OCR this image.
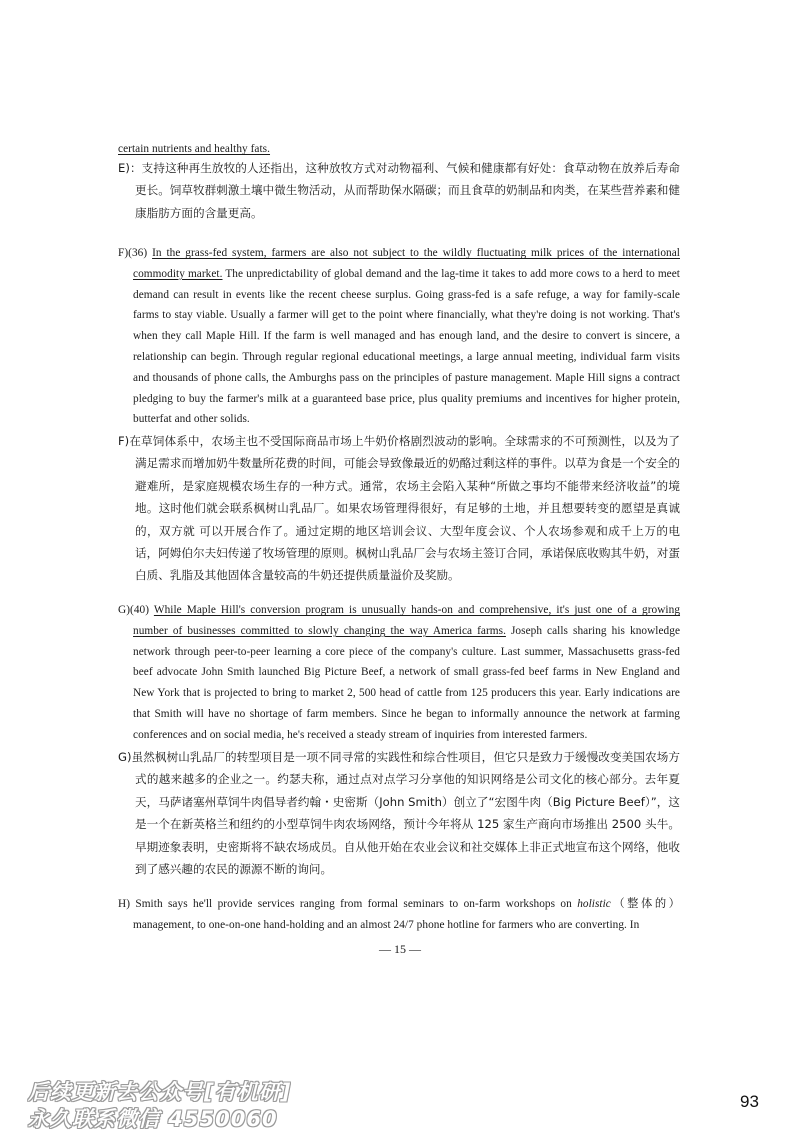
certain nutrients and healthy fats.
E)：支持这种再生放牧的人还指出，这种放牧方式对动物福利、气候和健康都有好处：食草动物在放养后寿命更长。饲草牧群刺激土壤中微生物活动，从而帮助保水隔碳；而且食草的奶制品和肉类，在某些营养素和健康脂肪方面的含量更高。
F)(36) In the grass-fed system, farmers are also not subject to the wildly fluctuating milk prices of the international commodity market. The unpredictability of global demand and the lag-time it takes to add more cows to a herd to meet demand can result in events like the recent cheese surplus. Going grass-fed is a safe refuge, a way for family-scale farms to stay viable. Usually a farmer will get to the point where financially, what they're doing is not working. That's when they call Maple Hill. If the farm is well managed and has enough land, and the desire to convert is sincere, a relationship can begin. Through regular regional educational meetings, a large annual meeting, individual farm visits and thousands of phone calls, the Amburghs pass on the principles of pasture management. Maple Hill signs a contract pledging to buy the farmer's milk at a guaranteed base price, plus quality premiums and incentives for higher protein, butterfat and other solids.
F)在草饲体系中，农场主也不受国际商品市场上牛奶价格剧烈波动的影响。全球需求的不可预测性，以及为了满足需求而增加奶牛数量所花费的时间，可能会导致像最近的奶酪过剩这样的事件。以草为食是一个安全的避难所，是家庭规模农场生存的一种方式。通常，农场主会陷入某种“所做之事均不能带来经济收益”的境地。这时他们就会联系枫树山乳品厂。如果农场管理得很好，有足够的土地，并且想要转变的愿望是真诚的，双方就 可以开展合作了。通过定期的地区培训会议、大型年度会议、个人农场参观和成千上万的电话，阿姆伯尔夫妇传递了牧场管理的原则。枫树山乳品厂会与农场主签订合同，承诺保底收购其牛奶，对蛋白质、乳脂及其他固体含量较高的牛奶还提供质量溢价及奖励。
G)(40) While Maple Hill's conversion program is unusually hands-on and comprehensive, it's just one of a growing number of businesses committed to slowly changing the way America farms. Joseph calls sharing his knowledge network through peer-to-peer learning a core piece of the company's culture. Last summer, Massachusetts grass-fed beef advocate John Smith launched Big Picture Beef, a network of small grass-fed beef farms in New England and New York that is projected to bring to market 2, 500 head of cattle from 125 producers this year. Early indications are that Smith will have no shortage of farm members. Since he began to informally announce the network at farming conferences and on social media, he's received a steady stream of inquiries from interested farmers.
G)虽然枫树山乳品厂的转型项目是一项不同寻常的实践性和综合性项目，但它只是致力于缓慢改变美国农场方式的越来越多的企业之一。约瑟夫称，通过点对点学习分享他的知识网络是公司文化的核心部分。去年夏天，马萨诸塞州草饲牛肉倡导者约翰・史密斯（John Smith）创立了“宏图牛肉（Big Picture Beef）”，这是一个在新英格兰和纽约的小型草饲牛肉农场网络，预计今年将从 125 家生产商向市场推出 2500 头牛。早期迹象表明，史密斯将不缺农场成员。自从他开始在农业会议和社交媒体上非正式地宣布这个网络，他收到了感兴趣的农民的源源不断的询问。
H) Smith says he'll provide services ranging from formal seminars to on-farm workshops on holistic（整体的） management, to one-on-one hand-holding and an almost 24/7 phone hotline for farmers who are converting. In
— 15 —
后续更新去公众号[有机研]
永久联系微信 4550060
93
